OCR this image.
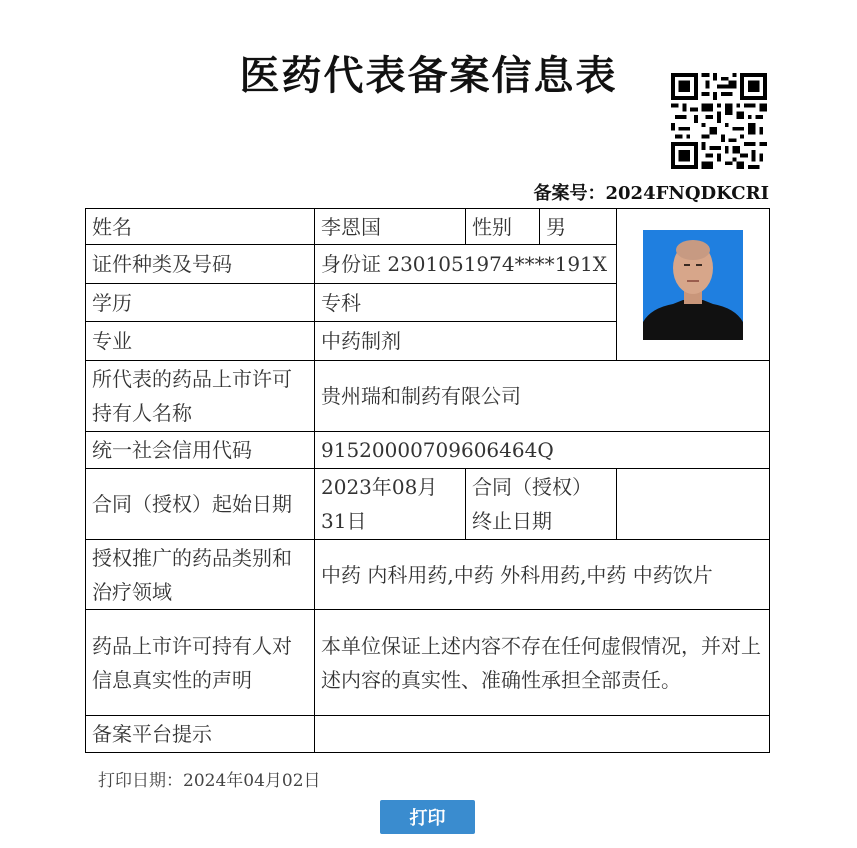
医药代表备案信息表
备案号：2024FNQDKCRI
姓名	李恩国	性别	男	

证件种类及号码	身份证 2301051974****191X			
学历	专科			
专业	中药制剂			
所代表的药品上市许可持有人名称	贵州瑞和制药有限公司			
统一社会信用代码	91520000709606464Q			
合同（授权）起始日期	2023年08月31日	合同（授权）终止日期		
授权推广的药品类别和治疗领域	中药 内科用药,中药 外科用药,中药 中药饮片			
药品上市许可持有人对信息真实性的声明	本单位保证上述内容不存在任何虚假情况，并对上述内容的真实性、准确性承担全部责任。			
备案平台提示				
打印日期：2024年04月02日
打印
